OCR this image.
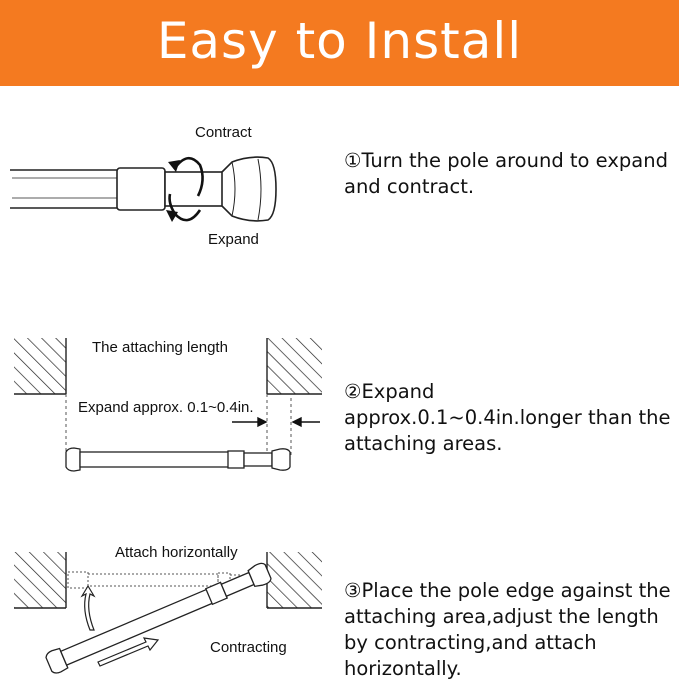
Easy to Install
Contract
Expand
①Turn the pole around to expand and contract.
The attaching length
Expand approx. 0.1~0.4in.
②Expand approx.0.1~0.4in.longer than the attaching areas.
Attach horizontally
Contracting
③Place the pole edge against the attaching area,adjust the length by contracting,and attach horizontally.
